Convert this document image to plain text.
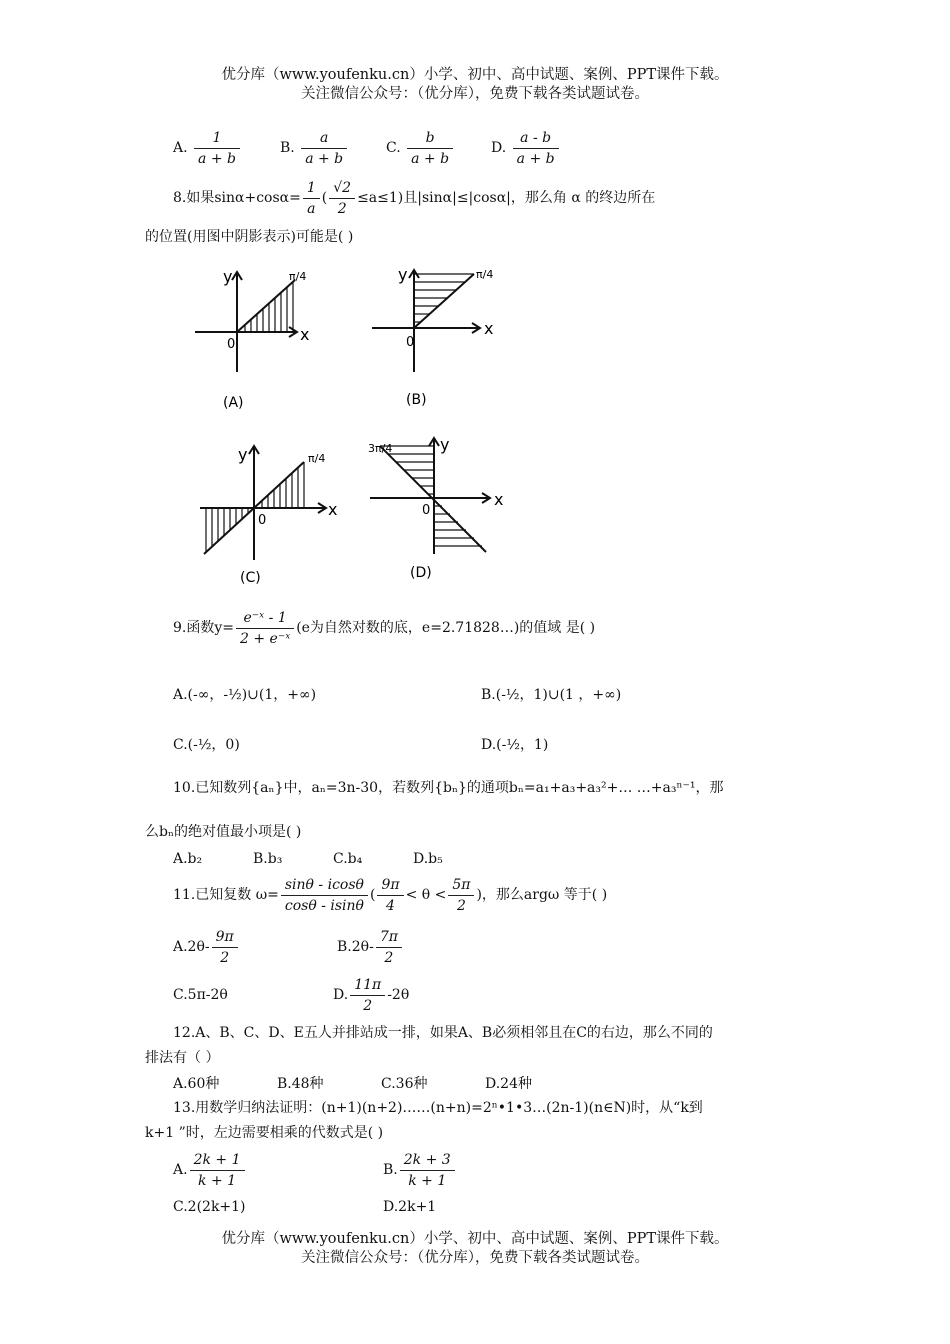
优分库（www.youfenku.cn）小学、初中、高中试题、案例、PPT课件下载。
关注微信公众号：（优分库），免费下载各类试题试卷。
A. $\frac{1}{a + b}$	B. $\frac{a}{a + b}$	C. $\frac{b}{a + b}$	D. $\frac{a - b}{a + b}$
8.如果$\sin\alpha+\cos\alpha= \frac{1}{a}$ ( $\frac{√2}{2} \le a\le 1$)且|sinα|≤|cosα|，那么角 α 的终边所在
的位置(用图中阴影表示)可能是( )
y
x
0
π/4
(A)
y
x
0
π/4
(B)
y
x
0
π/4
(C)
y
x
0
3π/4
(D)
9.函数$y= \frac{\text{e⁻ˣ - 1}}{\text{2 + e⁻ˣ}} (e$为自然对数的底，e=2.71828…)的值域 是( )
A.(-∞，-½)∪(1，+∞)	B.(-½，1)∪(1 ，+∞)
C.(-½，0)	D.(-½，1)
10.已知数列{aₙ}中，aₙ=3n-30，若数列{bₙ}的通项bₙ=a₁+a₃+a₃²+… …+a₃ⁿ⁻¹，那
么bₙ的绝对值最小项是( )
A.b₂	B.b₃	C.b₄	D.b₅
11.已知复数 $\omega= \frac{\sin\theta - icos\theta}{\cos\theta - isin\theta}$ ( $\frac{9\pi}{4} < \theta < \frac{5\pi}{2}$ )，那么argω 等于( )
$A.2\theta- \frac{9\pi}{2}$	$B.2\theta- \frac{7\pi}{2}$
C.5π-2θ	D. $\frac{11\pi}{2} -2\theta$
12.A、B、C、D、E五人并排站成一排，如果A、B必须相邻且在C的右边，那么不同的
排法有（ ）
A.60种	B.48种	C.36种	D.24种
13.用数学归纳法证明：(n+1)(n+2)……(n+n)=2ⁿ•1•3…(2n-1)(n∈N)时，从“k到
k+1 ”时，左边需要相乘的代数式是( )
A. $\frac{2k + 1}{k + 1}$	B. $\frac{2k + 3}{k + 1}$
C.2(2k+1)	D.2k+1
优分库（www.youfenku.cn）小学、初中、高中试题、案例、PPT课件下载。
关注微信公众号：（优分库），免费下载各类试题试卷。
